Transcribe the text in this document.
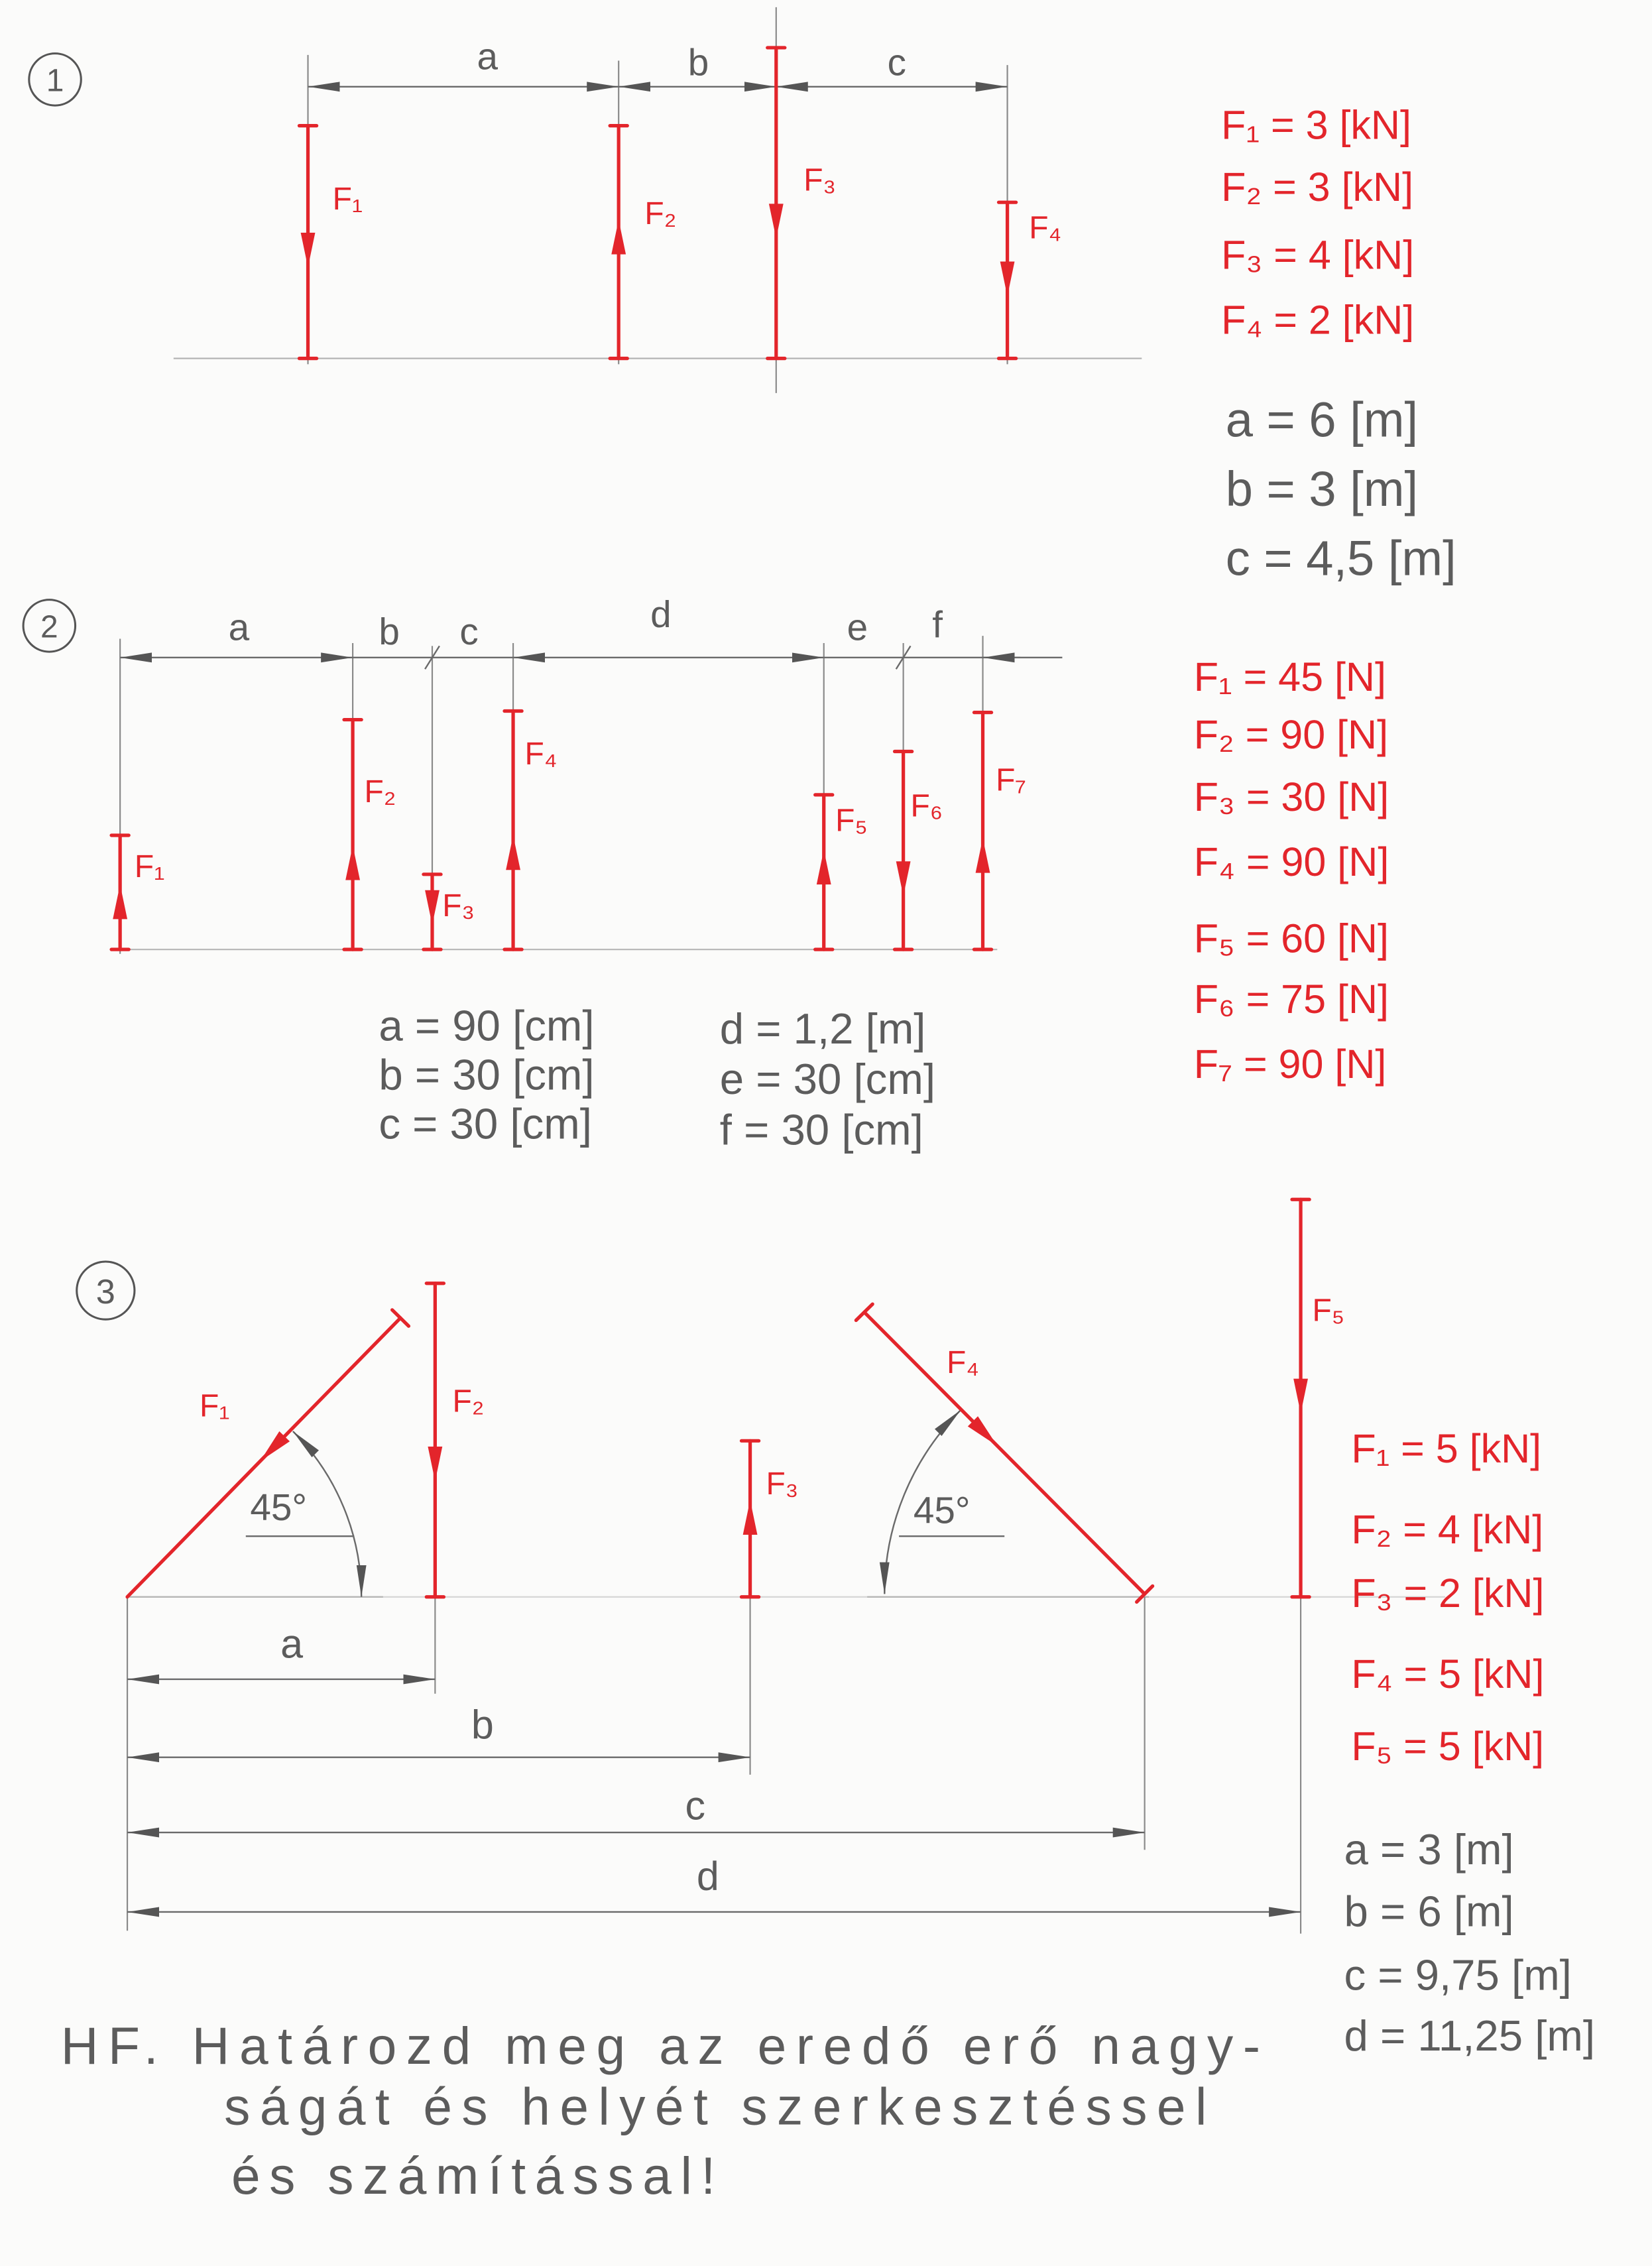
1
a	b	c
F₁	F₂
F₃
F₄
F₁ = 3 [kN]
F₂ = 3 [kN]
F₃ = 4 [kN]
F₄ = 2 [kN]
a = 6 [m]
b = 3 [m]
c = 4,5 [m]
2	a	b	c	d	e	f
F₁
F₂
F₃
F₄
F₅	F₆
F₇
a = 90 [cm]
b = 30 [cm]
c = 30 [cm]
d = 1,2 [m]
e = 30 [cm]
f = 30 [cm]
F₁ = 45 [N]
F₂ = 90 [N]
F₃ = 30 [N]
F₄ = 90 [N]
F₅ = 60 [N]
F₆ = 75 [N]
F₇ = 90 [N]
3
a
b
c
d
45°	45°
F₁	F₂
F₃
F₄
F₅
F₁ = 5 [kN]
F₂ = 4 [kN]
F₃ = 2 [kN]
F₄ = 5 [kN]
F₅ = 5 [kN]
a = 3 [m]
b = 6 [m]
c = 9,75 [m]
d = 11,25 [m]
HF. Határozd meg az eredő erő nagy-
ságát és helyét szerkesztéssel
és számítással!
